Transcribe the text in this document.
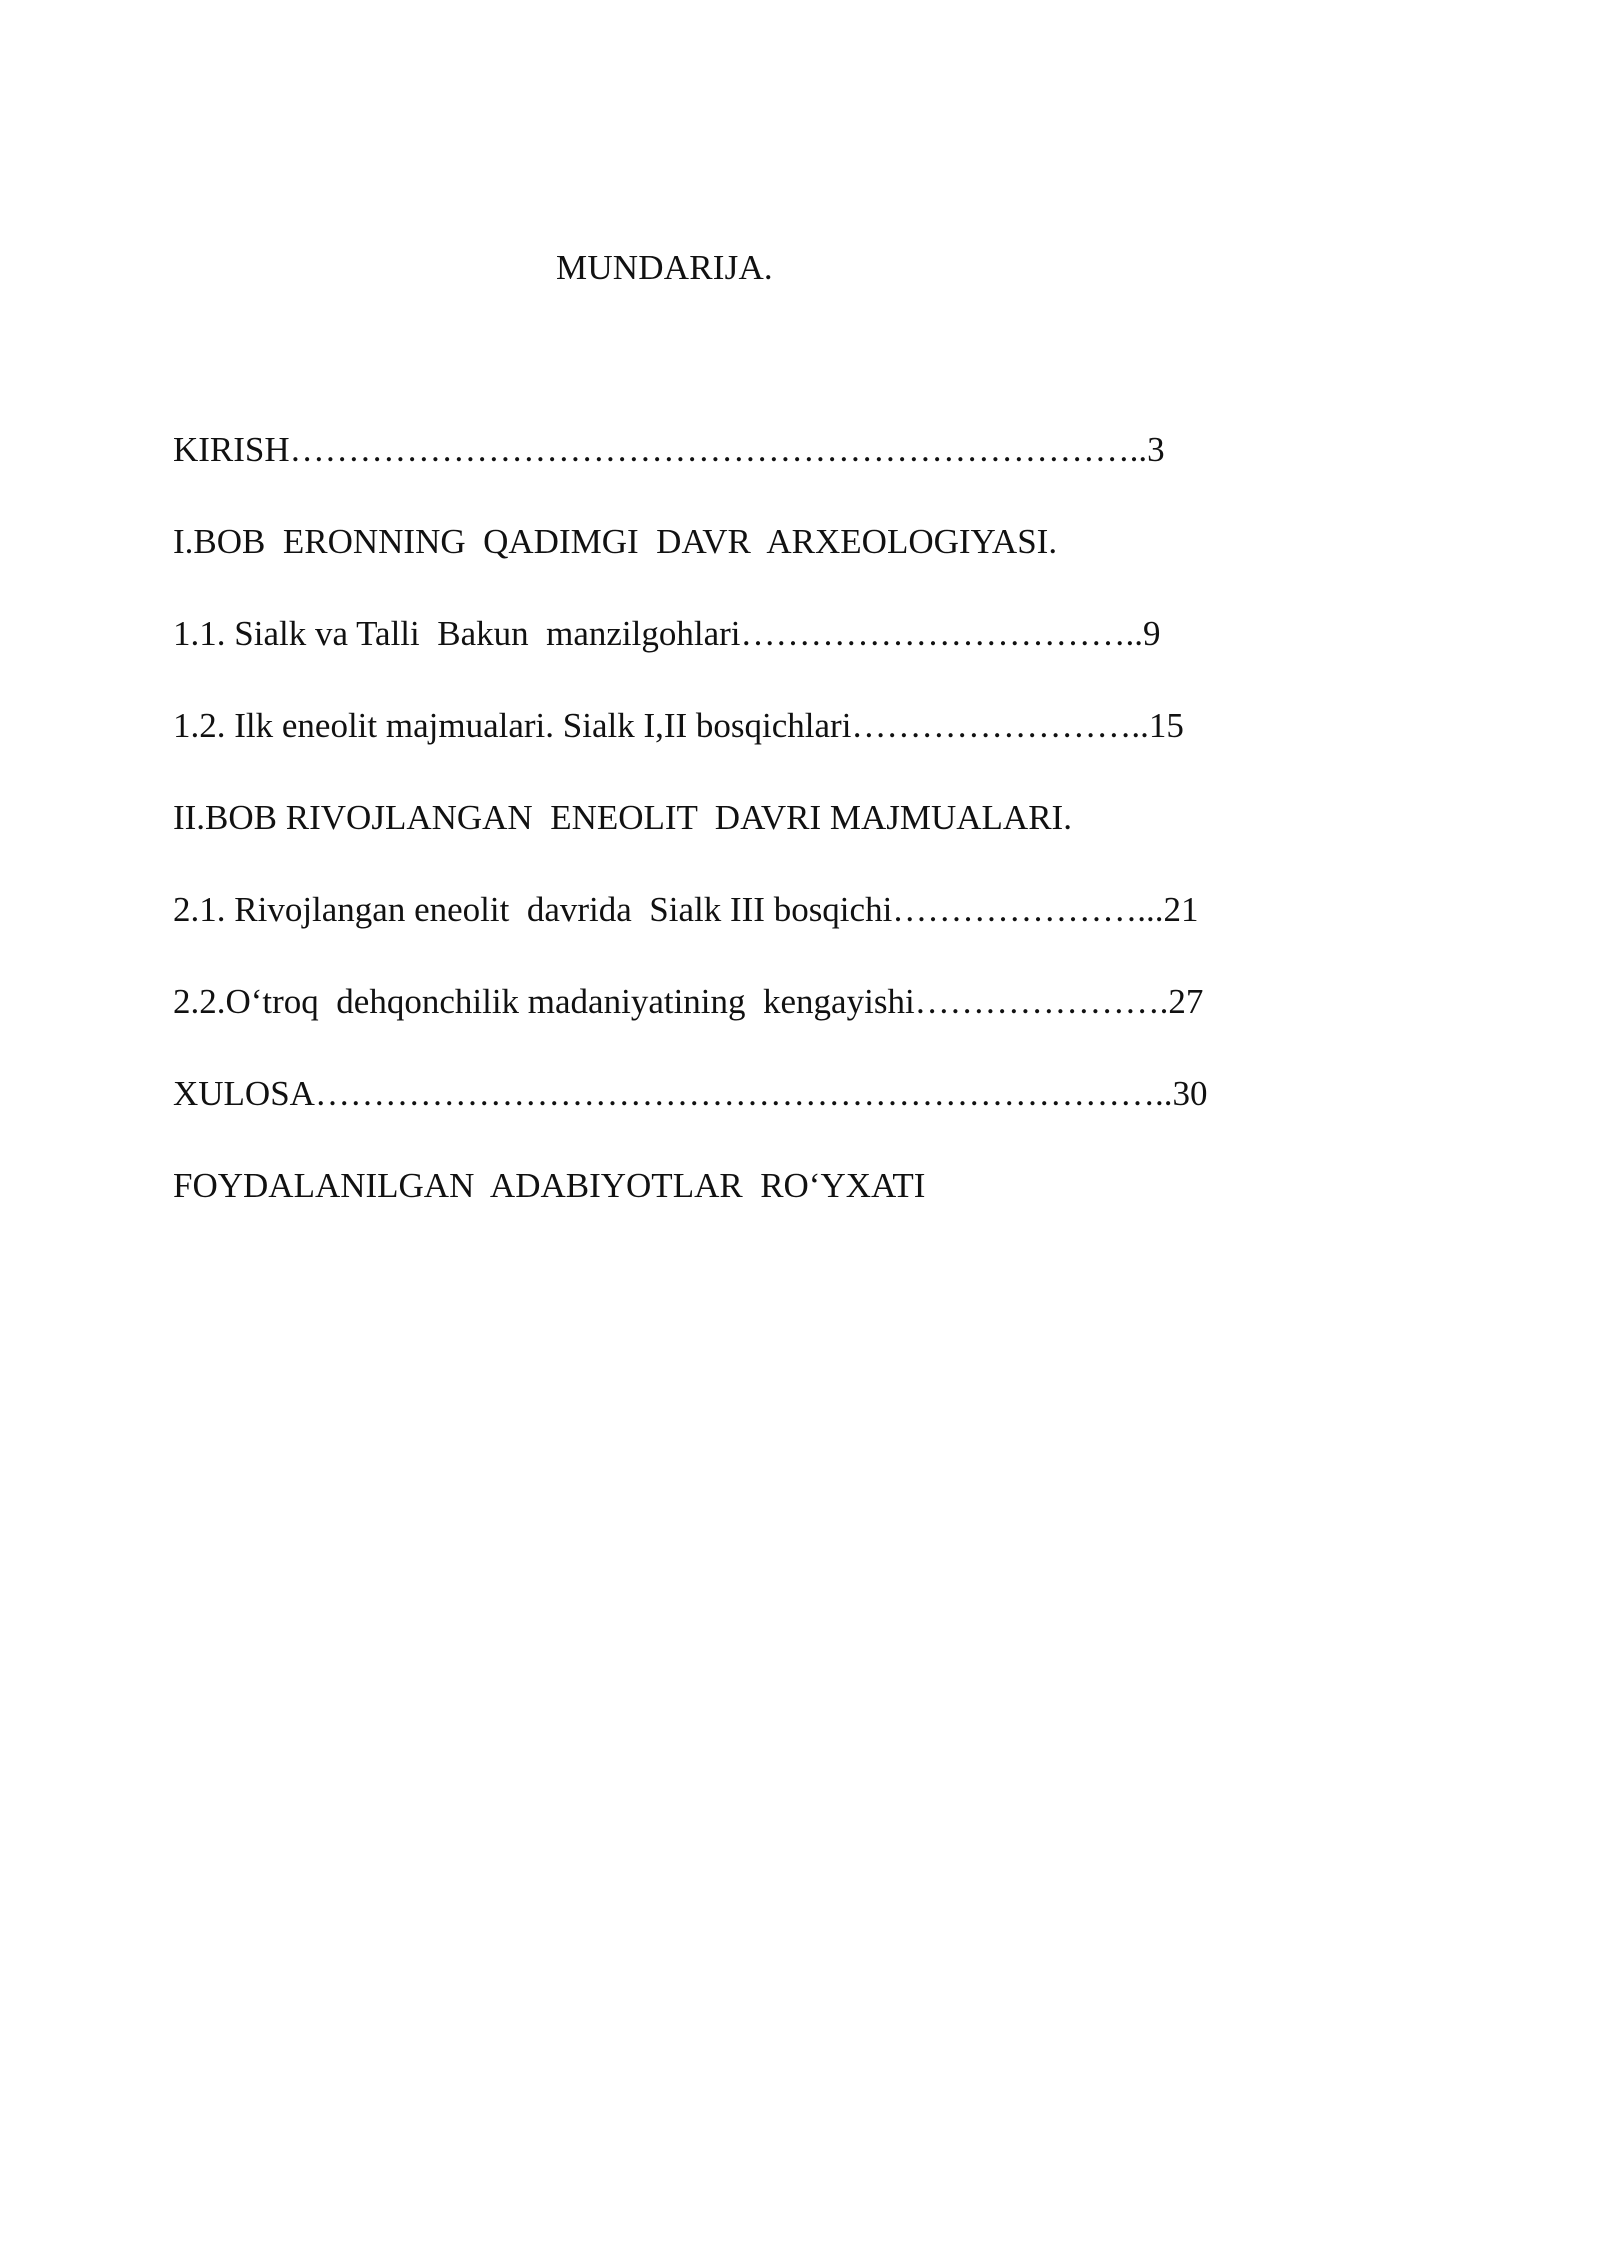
MUNDARIJA.
KIRISH………………………………………………………………..3
I.BOB  ERONNING  QADIMGI  DAVR  ARXEOLOGIYASI.
1.1. Sialk va Talli  Bakun  manzilgohlari……………………………..9
1.2. Ilk eneolit majmualari. Sialk I,II bosqichlari……………………..15
II.BOB RIVOJLANGAN  ENEOLIT  DAVRI MAJMUALARI.
2.1. Rivojlangan eneolit  davrida  Sialk III bosqichi…………………...21
2.2.O‘troq  dehqonchilik madaniyatining  kengayishi………………….27
XULOSA………………………………………………………………..30
FOYDALANILGAN  ADABIYOTLAR  RO‘YXATI
